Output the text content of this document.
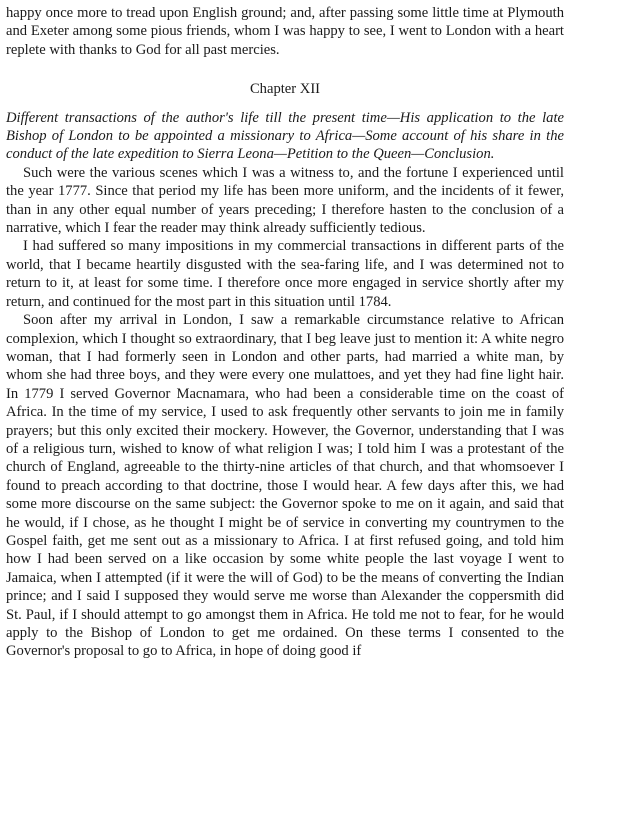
happy once more to tread upon English ground; and, after passing some little time at Plymouth and Exeter among some pious friends, whom I was happy to see, I went to London with a heart replete with thanks to God for all past mercies.

Chapter XII

Different transactions of the author's life till the present time—His application to the late Bishop of London to be appointed a missionary to Africa—Some account of his share in the conduct of the late expedition to Sierra Leona—Petition to the Queen—Conclusion.

Such were the various scenes which I was a witness to, and the fortune I experienced until the year 1777. Since that period my life has been more uniform, and the incidents of it fewer, than in any other equal number of years preceding; I therefore hasten to the conclusion of a narrative, which I fear the reader may think already sufficiently tedious.

I had suffered so many impositions in my commercial transactions in different parts of the world, that I became heartily disgusted with the sea-faring life, and I was determined not to return to it, at least for some time. I therefore once more engaged in service shortly after my return, and continued for the most part in this situation until 1784.

Soon after my arrival in London, I saw a remarkable circumstance relative to African complexion, which I thought so extraordinary, that I beg leave just to mention it: A white negro woman, that I had formerly seen in London and other parts, had married a white man, by whom she had three boys, and they were every one mulattoes, and yet they had fine light hair. In 1779 I served Governor Macnamara, who had been a considerable time on the coast of Africa. In the time of my service, I used to ask frequently other servants to join me in family prayers; but this only excited their mockery. However, the Governor, understanding that I was of a religious turn, wished to know of what religion I was; I told him I was a protestant of the church of England, agreeable to the thirty-nine articles of that church, and that whomsoever I found to preach according to that doctrine, those I would hear. A few days after this, we had some more discourse on the same subject: the Governor spoke to me on it again, and said that he would, if I chose, as he thought I might be of service in converting my countrymen to the Gospel faith, get me sent out as a missionary to Africa. I at first refused going, and told him how I had been served on a like occasion by some white people the last voyage I went to Jamaica, when I attempted (if it were the will of God) to be the means of converting the Indian prince; and I said I supposed they would serve me worse than Alexander the coppersmith did St. Paul, if I should attempt to go amongst them in Africa. He told me not to fear, for he would apply to the Bishop of London to get me ordained. On these terms I consented to the Governor's proposal to go to Africa, in hope of doing good if
